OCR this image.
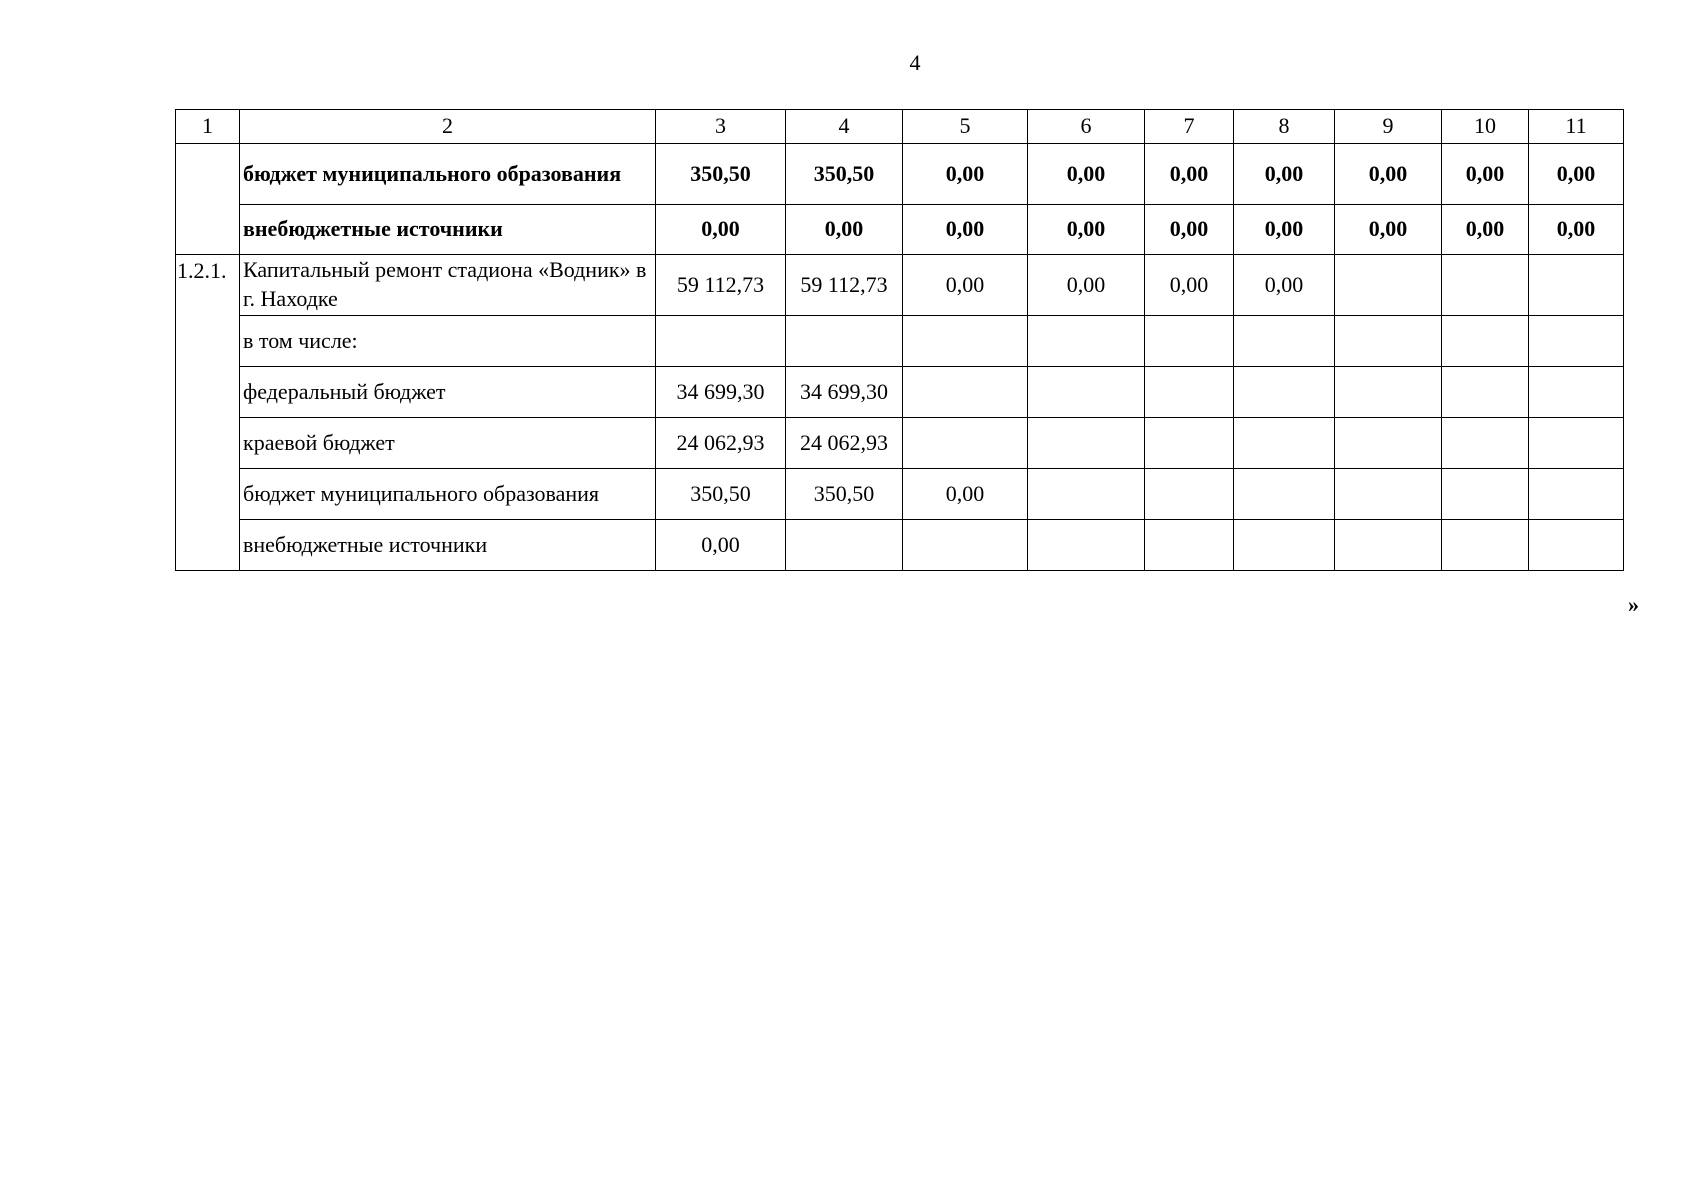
4
1	2	3	4	5	6	7	8	9	10	11
	бюджет муниципального образования	350,50	350,50	0,00	0,00	0,00	0,00	0,00	0,00	0,00
	внебюджетные источники	0,00	0,00	0,00	0,00	0,00	0,00	0,00	0,00	0,00
1.2.1.	Капитальный ремонт стадиона «Водник» в г. Находке	59 112,73	59 112,73	0,00	0,00	0,00	0,00			
	в том числе:									
	федеральный бюджет	34 699,30	34 699,30							
	краевой бюджет	24 062,93	24 062,93							
	бюджет муниципального образования	350,50	350,50	0,00						
	внебюджетные источники	0,00								
»
